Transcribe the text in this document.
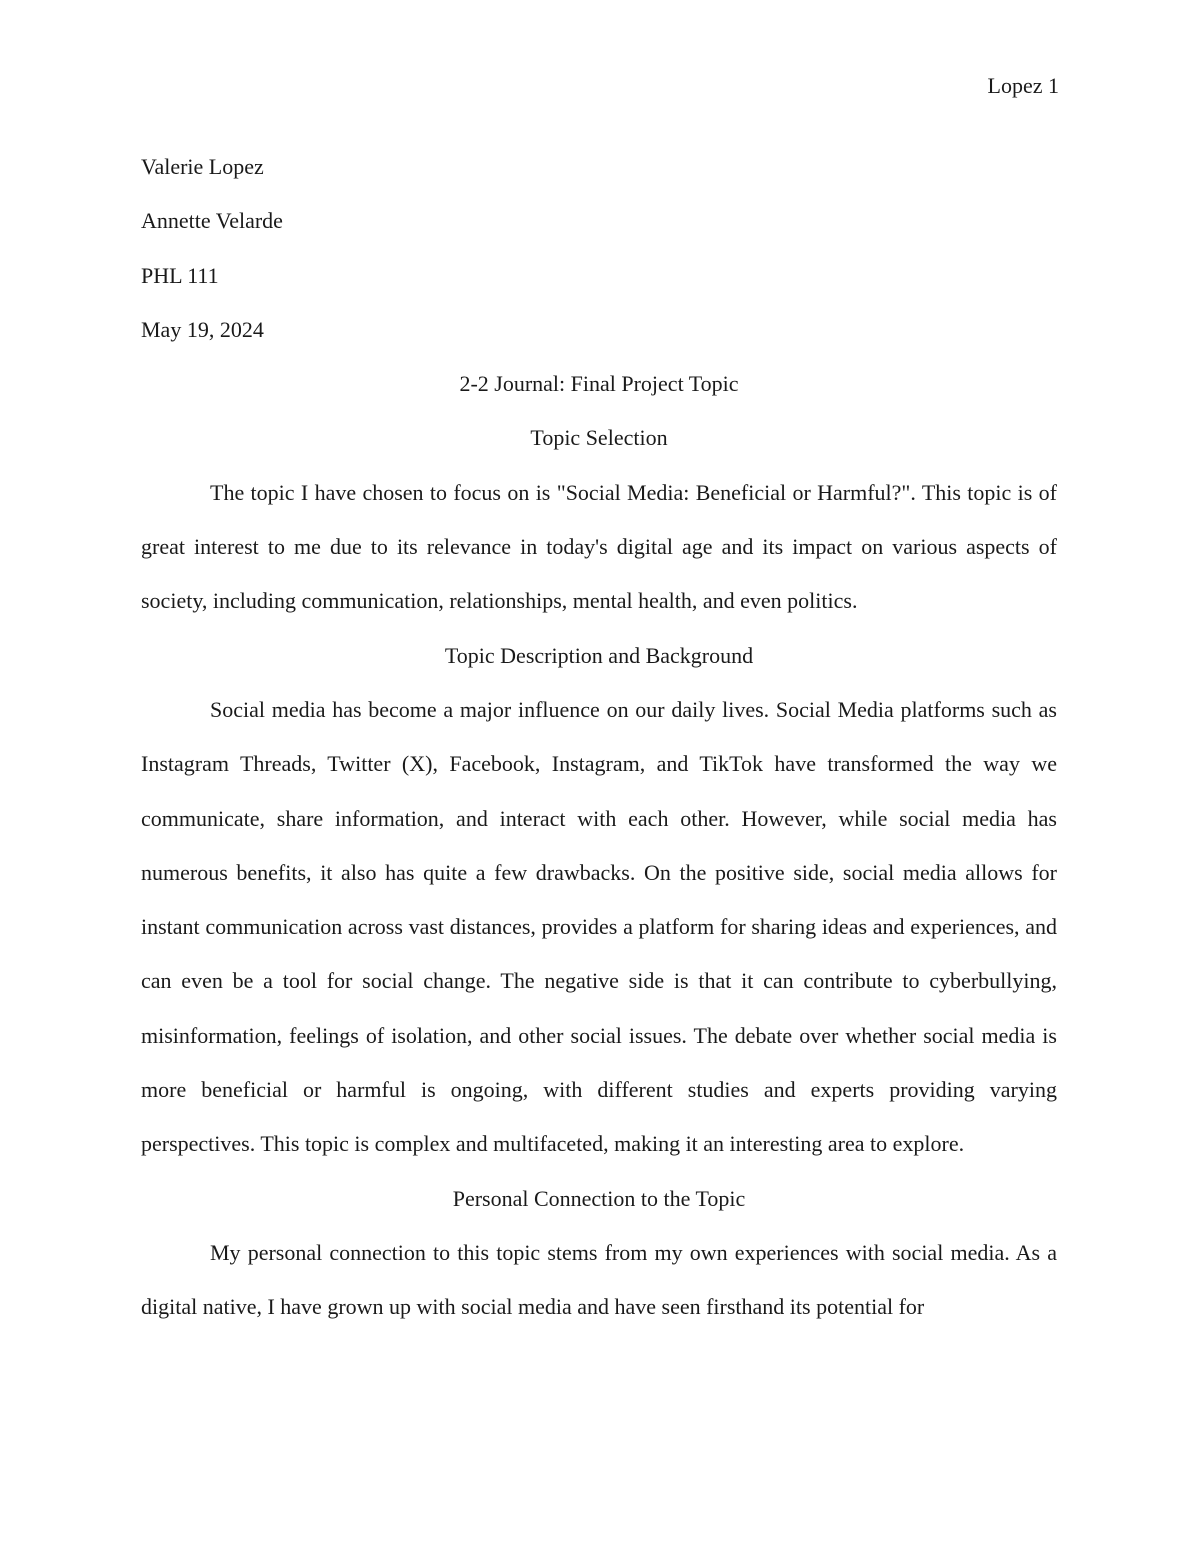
Lopez 1

Valerie Lopez

Annette Velarde

PHL 111

May 19, 2024

2-2 Journal: Final Project Topic

Topic Selection

The topic I have chosen to focus on is "Social Media: Beneficial or Harmful?". This topic is of great interest to me due to its relevance in today's digital age and its impact on various aspects of society, including communication, relationships, mental health, and even politics.

Topic Description and Background

Social media has become a major influence on our daily lives. Social Media platforms such as Instagram Threads, Twitter (X), Facebook, Instagram, and TikTok have transformed the way we communicate, share information, and interact with each other. However, while social media has numerous benefits, it also has quite a few drawbacks. On the positive side, social media allows for instant communication across vast distances, provides a platform for sharing ideas and experiences, and can even be a tool for social change. The negative side is that it can contribute to cyberbullying, misinformation, feelings of isolation, and other social issues. The debate over whether social media is more beneficial or harmful is ongoing, with different studies and experts providing varying perspectives. This topic is complex and multifaceted, making it an interesting area to explore.

Personal Connection to the Topic

My personal connection to this topic stems from my own experiences with social media. As a digital native, I have grown up with social media and have seen firsthand its potential for
